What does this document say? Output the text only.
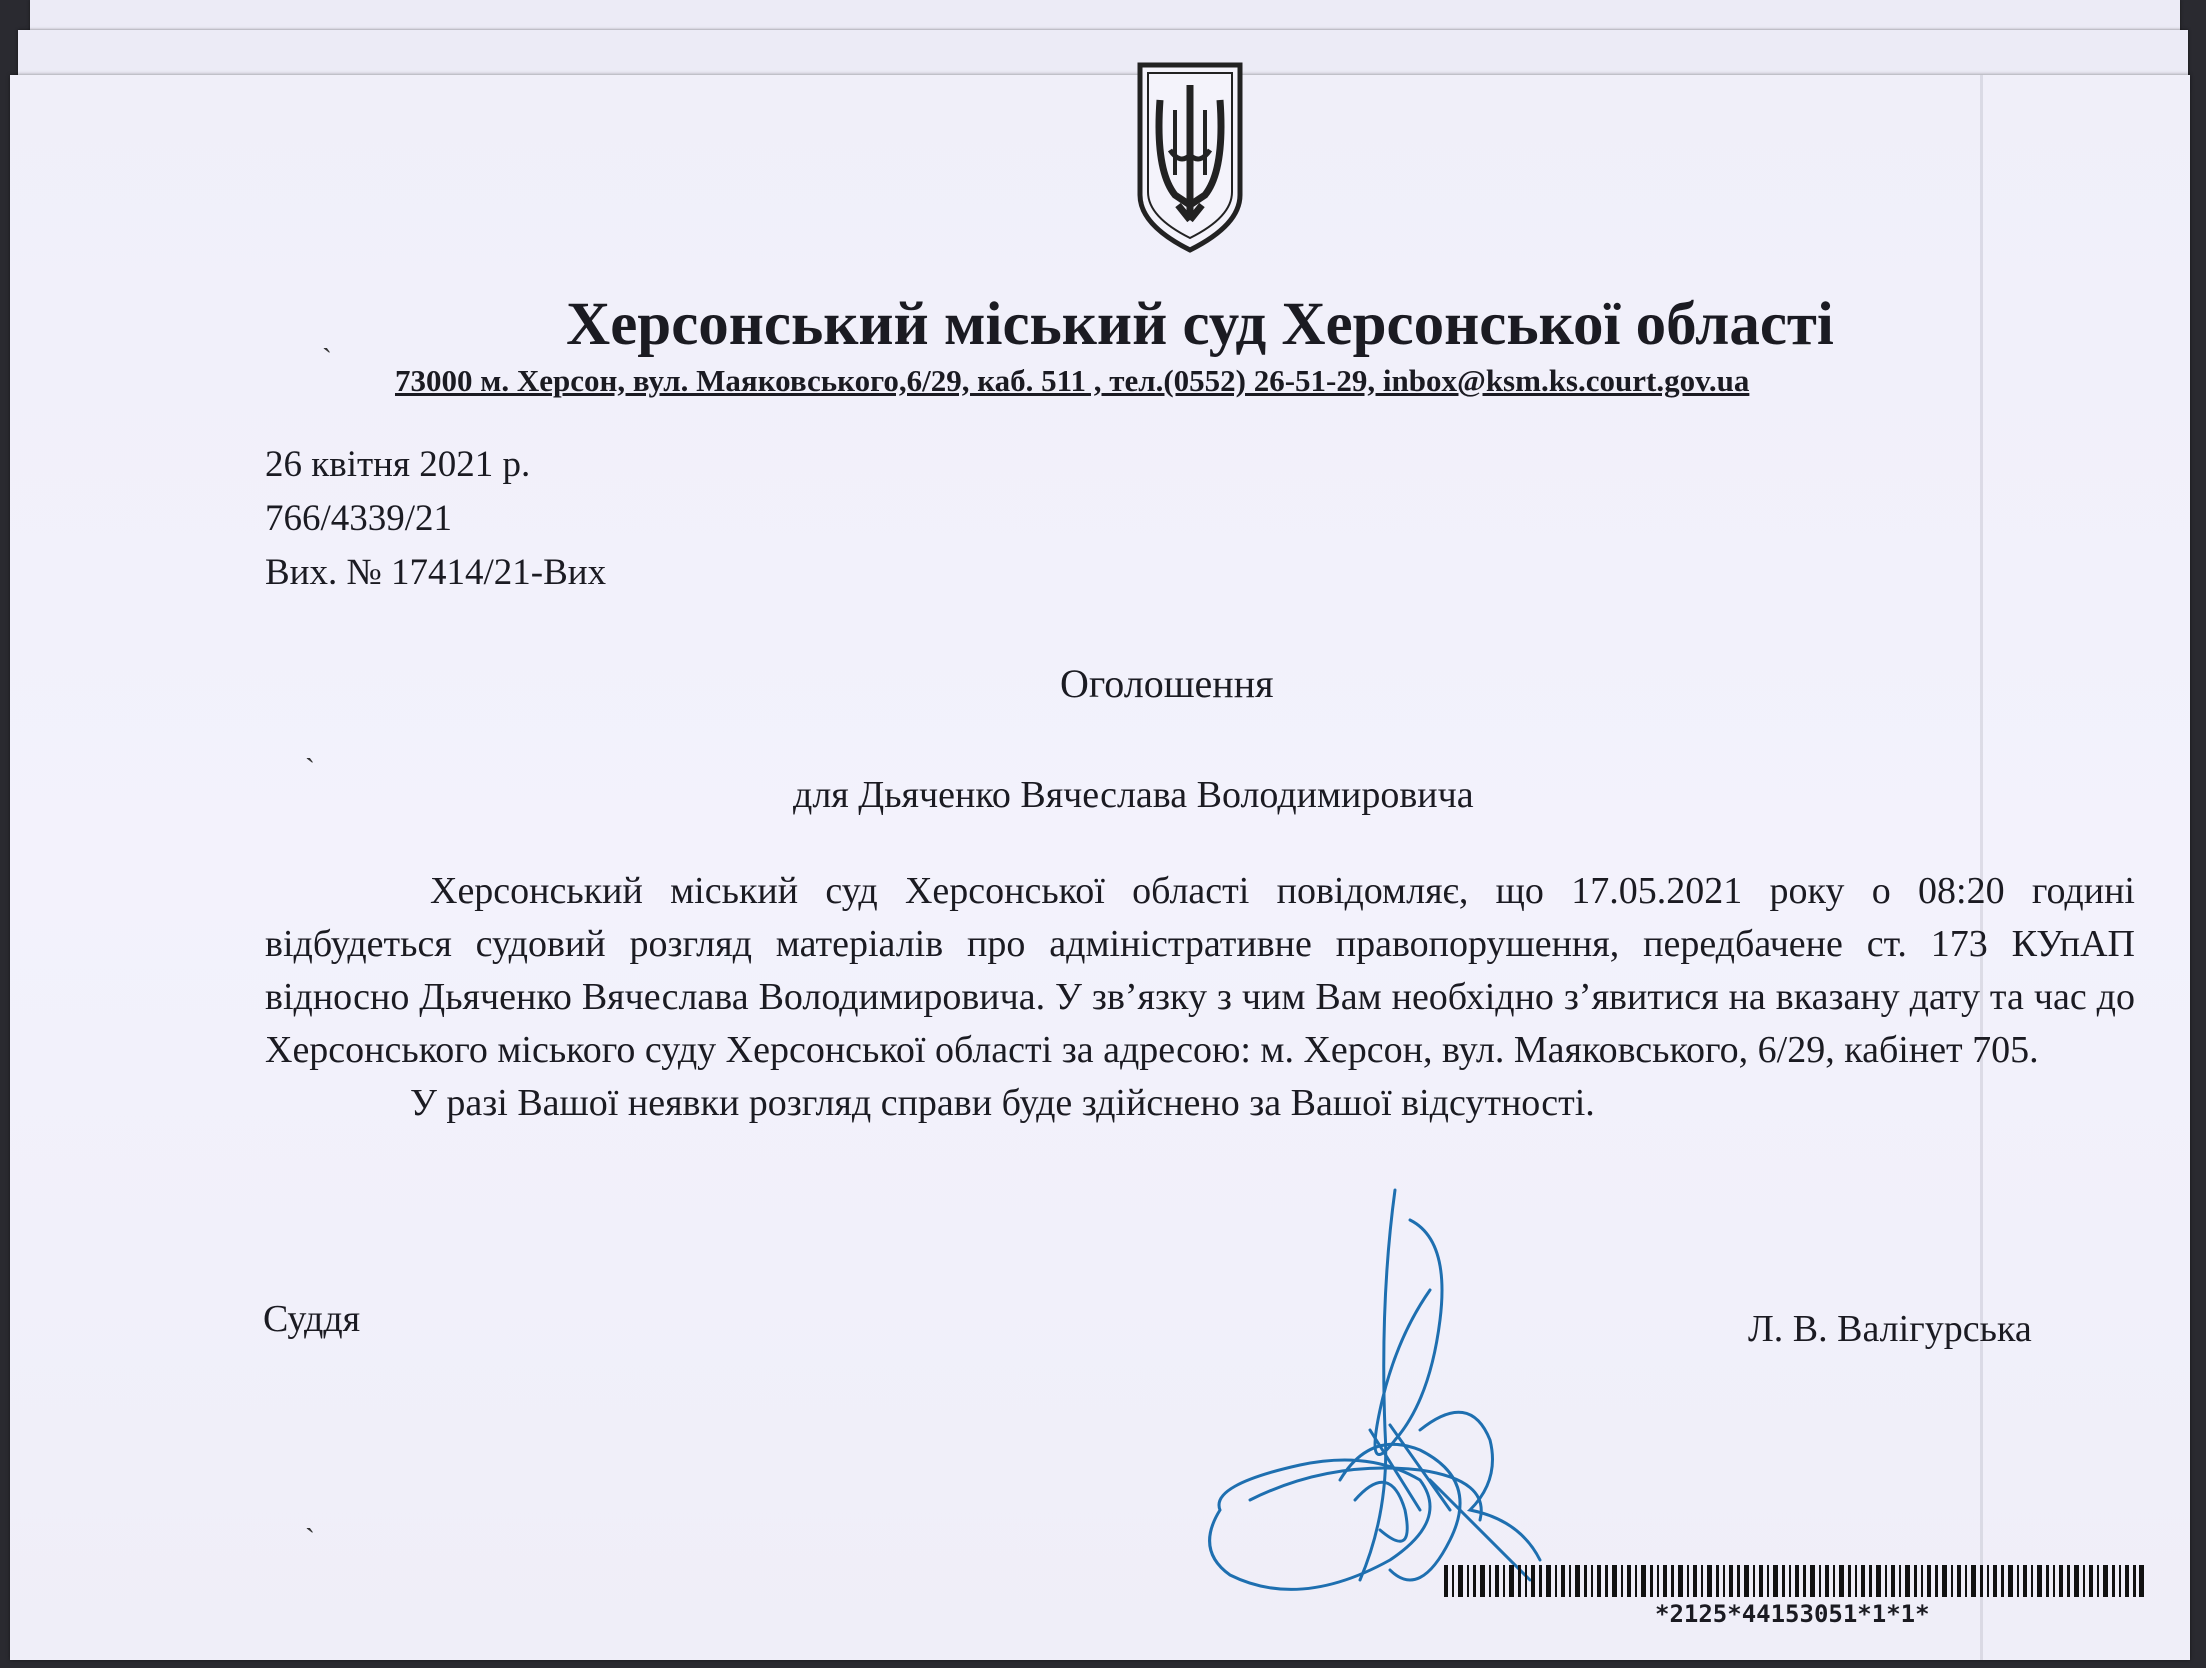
Херсонський міський суд Херсонської області
73000 м. Херсон, вул. Маяковського,6/29, каб. 511 , тел.(0552) 26-51-29, inbox@ksm.ks.court.gov.ua
26 квітня 2021 р.
766/4339/21
Вих. № 17414/21-Вих
Оголошення
для Дьяченко Вячеслава Володимировича

Херсонський міський суд Херсонської області повідомляє, що 17.05.2021 року о 08:20 годині відбудеться судовий розгляд матеріалів про адміністративне правопорушення, передбачене ст. 173 КУпАП відносно Дьяченко Вячеслава Володимировича. У зв’язку з чим Вам необхідно з’явитися на вказану дату та час до Херсонського міського суду Херсонської області за адресою: м. Херсон, вул. Маяковського, 6/29, кабінет 705.

У разі Вашої неявки розгляд справи буде здійснено за Вашої відсутності.

Суддя	Л. В. Валігурська
*2125*44153051*1*1*
ˏ
ˏ
ˏ
